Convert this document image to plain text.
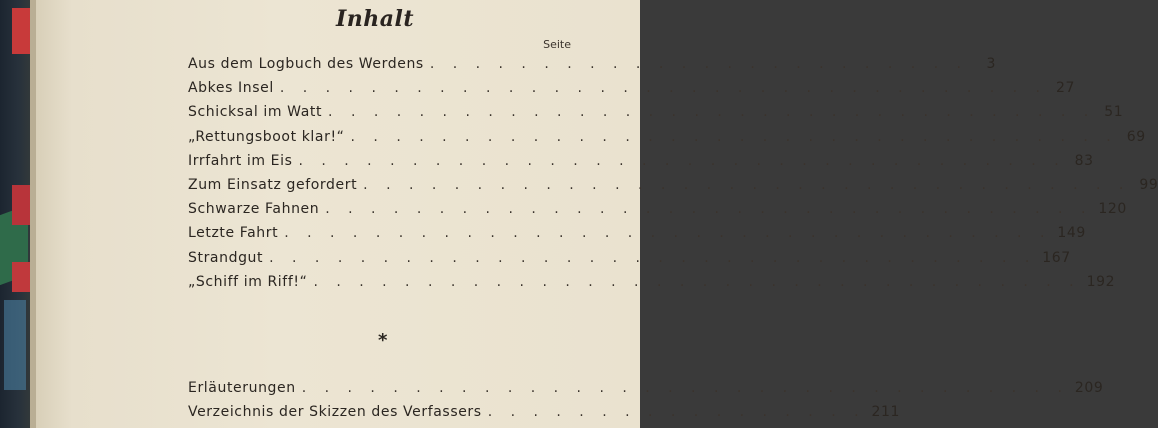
Inhalt
Seite
Aus dem Logbuch des Werdens . . . . . . . . . . . . . . . . . . . . . . . .	3
Abkes Insel . . . . . . . . . . . . . . . . . . . . . . . . . . . . . . . . . . 27
Schicksal im Watt . . . . . . . . . . . . . . . . . . . . . . . . . . . . . . . . . . 51
„Rettungsboot klar!“ . . . . . . . . . . . . . . . . . . . . . . . . . . . . . . . . . . 69
Irrfahrt im Eis . . . . . . . . . . . . . . . . . . . . . . . . . . . . . . . . . . 83
Zum Einsatz gefordert . . . . . . . . . . . . . . . . . . . . . . . . . . . . . . . . . . 99
Schwarze Fahnen . . . . . . . . . . . . . . . . . . . . . . . . . . . . . . . . . . 120
Letzte Fahrt . . . . . . . . . . . . . . . . . . . . . . . . . . . . . . . . . . 149
Strandgut . . . . . . . . . . . . . . . . . . . . . . . . . . . . . . . . . . 167
„Schiff im Riff!“ . . . . . . . . . . . . . . . . . . . . . . . . . . . . . . . . . . 192
*
Erläuterungen . . . . . . . . . . . . . . . . . . . . . . . . . . . . . . . . . . 209
Verzeichnis der Skizzen des Verfassers . . . . . . . . . . . . . . . . . 211
